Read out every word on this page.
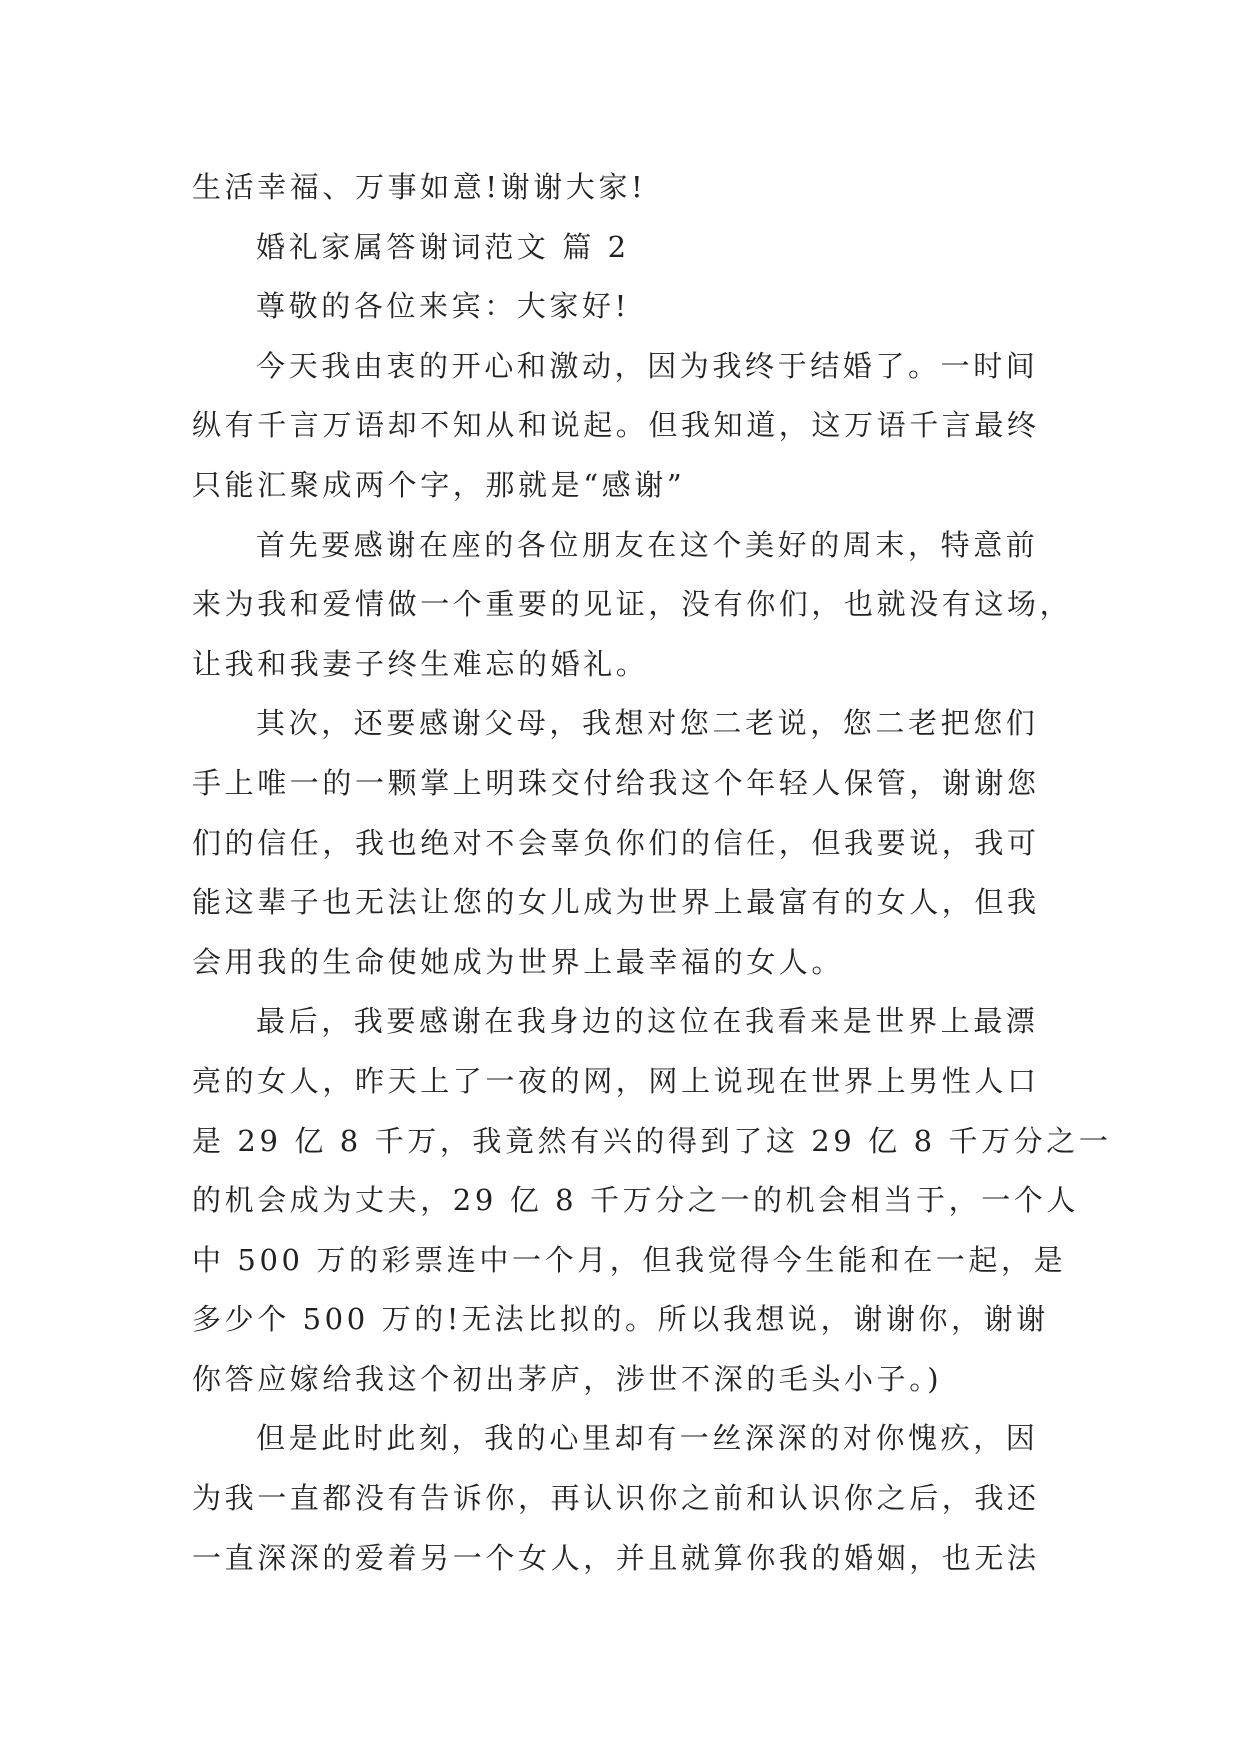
生活幸福、万事如意!谢谢大家!

婚礼家属答谢词范文 篇 2

尊敬的各位来宾：大家好!

今天我由衷的开心和激动，因为我终于结婚了。一时间

纵有千言万语却不知从和说起。但我知道，这万语千言最终

只能汇聚成两个字，那就是“感谢”

首先要感谢在座的各位朋友在这个美好的周末，特意前

来为我和爱情做一个重要的见证，没有你们，也就没有这场，

让我和我妻子终生难忘的婚礼。

其次，还要感谢父母，我想对您二老说，您二老把您们

手上唯一的一颗掌上明珠交付给我这个年轻人保管，谢谢您

们的信任，我也绝对不会辜负你们的信任，但我要说，我可

能这辈子也无法让您的女儿成为世界上最富有的女人，但我

会用我的生命使她成为世界上最幸福的女人。

最后，我要感谢在我身边的这位在我看来是世界上最漂

亮的女人，昨天上了一夜的网，网上说现在世界上男性人口

是 29 亿 8 千万，我竟然有兴的得到了这 29 亿 8 千万分之一

的机会成为丈夫，29 亿 8 千万分之一的机会相当于，一个人

中 500 万的彩票连中一个月，但我觉得今生能和在一起，是

多少个 500 万的!无法比拟的。所以我想说，谢谢你，谢谢

你答应嫁给我这个初出茅庐，涉世不深的毛头小子。)

但是此时此刻，我的心里却有一丝深深的对你愧疚，因

为我一直都没有告诉你，再认识你之前和认识你之后，我还

一直深深的爱着另一个女人，并且就算你我的婚姻，也无法
